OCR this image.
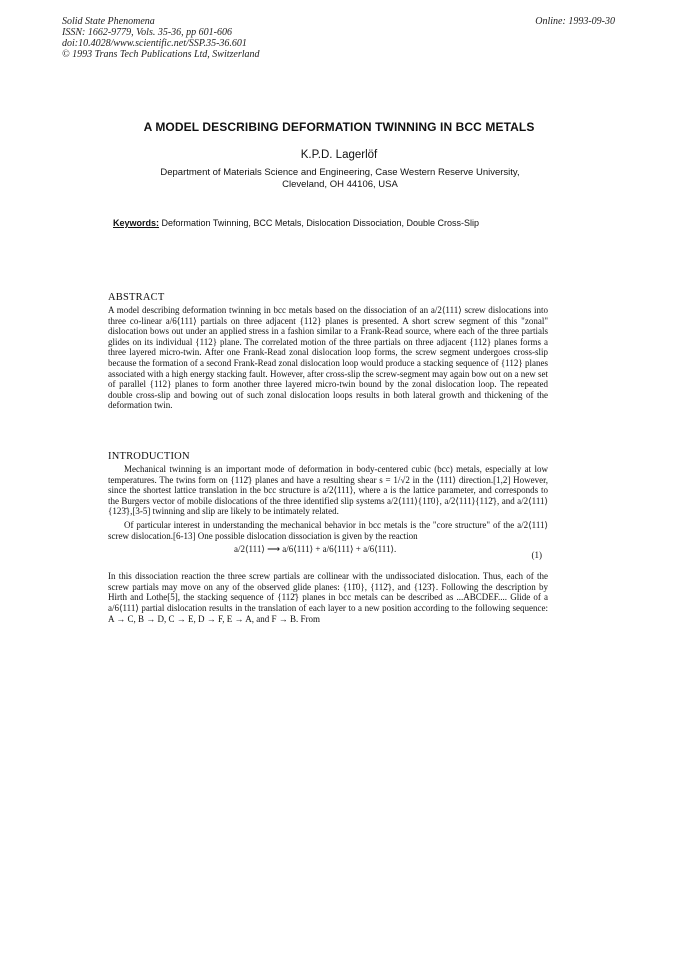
Solid State Phenomena
ISSN: 1662-9779, Vols. 35-36, pp 601-606
doi:10.4028/www.scientific.net/SSP.35-36.601
© 1993 Trans Tech Publications Ltd, Switzerland
Online: 1993-09-30
A MODEL DESCRIBING DEFORMATION TWINNING IN BCC METALS
K.P.D. Lagerlöf
Department of Materials Science and Engineering, Case Western Reserve University,
Cleveland, OH 44106, USA
Keywords: Deformation Twinning, BCC Metals, Dislocation Dissociation, Double Cross-Slip
ABSTRACT

A model describing deformation twinning in bcc metals based on the dissociation of an a/2⟨111⟩ screw dislocations into three co-linear a/6⟨111⟩ partials on three adjacent {112} planes is presented. A short screw segment of this "zonal" dislocation bows out under an applied stress in a fashion similar to a Frank-Read source, where each of the three partials glides on its individual {112} plane. The correlated motion of the three partials on three adjacent {112} planes forms a three layered micro-twin. After one Frank-Read zonal dislocation loop forms, the screw segment undergoes cross-slip because the formation of a second Frank-Read zonal dislocation loop would produce a stacking sequence of {112} planes associated with a high energy stacking fault. However, after cross-slip the screw-segment may again bow out on a new set of parallel {112} planes to form another three layered micro-twin bound by the zonal dislocation loop. The repeated double cross-slip and bowing out of such zonal dislocation loops results in both lateral growth and thickening of the deformation twin.

INTRODUCTION

Mechanical twinning is an important mode of deformation in body-centered cubic (bcc) metals, especially at low temperatures. The twins form on {112̄} planes and have a resulting shear s = 1/√2 in the ⟨111⟩ direction.[1,2] However, since the shortest lattice translation in the bcc structure is a/2⟨111⟩, where a is the lattice parameter, and corresponds to the Burgers vector of mobile dislocations of the three identified slip systems a/2⟨111⟩{11̄0}, a/2⟨111⟩{112̄}, and a/2⟨111⟩{123̄},[3-5] twinning and slip are likely to be intimately related.

Of particular interest in understanding the mechanical behavior in bcc metals is the "core structure" of the a/2⟨111⟩ screw dislocation.[6-13] One possible dislocation dissociation is given by the reaction

a/2⟨111⟩ ⟶ a/6⟨111⟩ + a/6⟨111⟩ + a/6⟨111⟩.
(1)

In this dissociation reaction the three screw partials are collinear with the undissociated dislocation. Thus, each of the screw partials may move on any of the observed glide planes: {11̄0}, {112̄}, and {123̄}. Following the description by Hirth and Lothe[5], the stacking sequence of {112̄} planes in bcc metals can be described as ...ABCDEF.... Glide of a a/6⟨111⟩ partial dislocation results in the translation of each layer to a new position according to the following sequence: A → C, B → D, C → E, D → F, E → A, and F → B. From
